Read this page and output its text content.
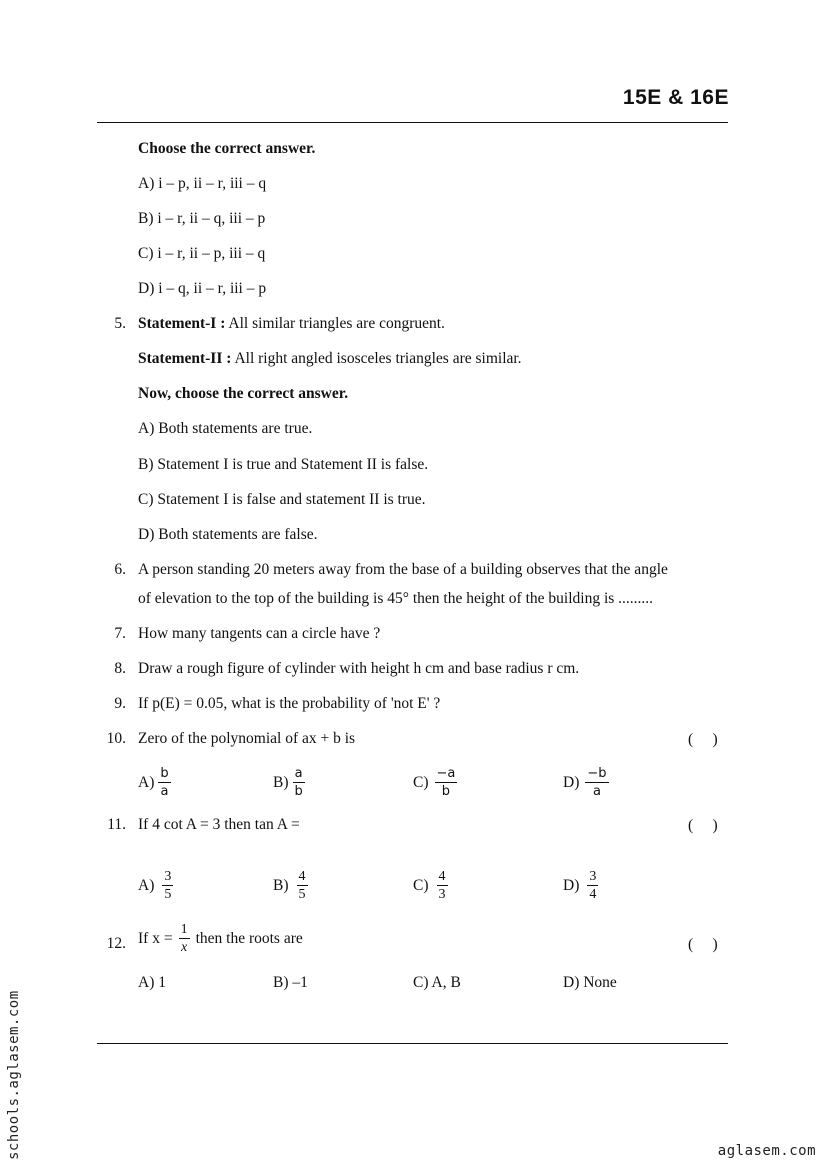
15E & 16E
Choose the correct answer.
A) i – p, ii – r, iii – q
B) i – r, ii – q, iii – p
C) i – r, ii – p, iii – q
D) i – q, ii – r, iii – p
5. Statement-I : All similar triangles are congruent.
Statement-II : All right angled isosceles triangles are similar.
Now, choose the correct answer.
A) Both statements are true.
B) Statement I is true and Statement II is false.
C) Statement I is false and statement II is true.
D) Both statements are false.
6. A person standing 20 meters away from the base of a building observes that the angle
of elevation to the top of the building is 45° then the height of the building is .........
7. How many tangents can a circle have ?
8. Draw a rough figure of cylinder with height h cm and base radius r cm.
9. If p(E) = 0.05, what is the probability of 'not E' ?
10. Zero of the polynomial of ax + b is	(     )
$A) \frac{b}{a}$	$B) \frac{a}{b}$	$C) \frac{-a}{b}$	$D) \frac{-b}{a}$
11. If 4 cot A = 3 then tan A =	(     )
$A) \frac{3}{5}$	$B) \frac{4}{5}$	$C) \frac{4}{3}$	$D) \frac{3}{4}$
12. If $x = \frac{1}{x}$ then the roots are	(     )
A) 1	B) –1	C) A, B	D) None
schools.aglasem.com	aglasem.com
